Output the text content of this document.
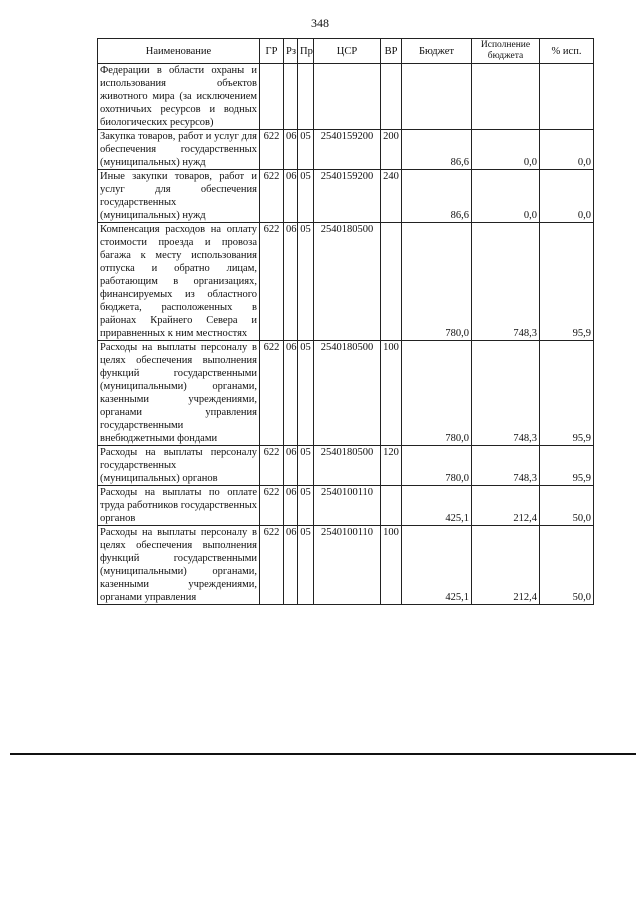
348
Наименование	ГР	Рз	Пр	ЦСР	ВР	Бюджет	Исполнение бюджета	% исп.
Федерации в области охраны и использования объектов животного мира (за исключением охотничьих ресурсов и водных биологических ресурсов)								
Закупка товаров, работ и услуг для обеспечения государственных (муниципальных) нужд	622	06	05	2540159200	200	86,6	0,0	0,0
Иные закупки товаров, работ и услуг для обеспечения государственных (муниципальных) нужд	622	06	05	2540159200	240	86,6	0,0	0,0
Компенсация расходов на оплату стоимости проезда и провоза багажа к месту использования отпуска и обратно лицам, работающим в организациях, финансируемых из областного бюджета, расположенных в районах Крайнего Севера и приравненных к ним местностях	622	06	05	2540180500		780,0	748,3	95,9
Расходы на выплаты персоналу в целях обеспечения выполнения функций государственными (муниципальными) органами, казенными учреждениями, органами управления государственными внебюджетными фондами	622	06	05	2540180500	100	780,0	748,3	95,9
Расходы на выплаты персоналу государственных (муниципальных) органов	622	06	05	2540180500	120	780,0	748,3	95,9
Расходы на выплаты по оплате труда работников государственных органов	622	06	05	2540100110		425,1	212,4	50,0
Расходы на выплаты персоналу в целях обеспечения выполнения функций государственными (муниципальными) органами, казенными учреждениями, органами управления	622	06	05	2540100110	100	425,1	212,4	50,0
